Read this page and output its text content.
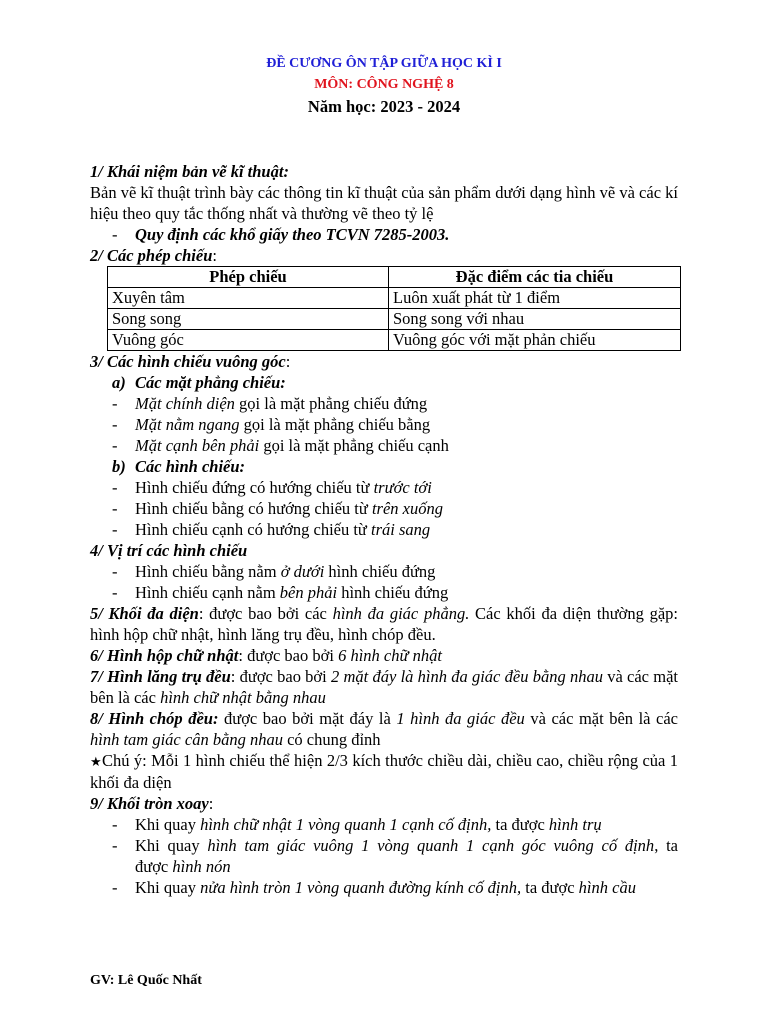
ĐỀ CƯƠNG ÔN TẬP GIỮA HỌC KÌ I
MÔN: CÔNG NGHỆ 8
Năm học: 2023 - 2024

1/ Khái niệm bản vẽ kĩ thuật:

Bản vẽ kĩ thuật trình bày các thông tin kĩ thuật của sản phẩm dưới dạng hình vẽ và các kí hiệu theo quy tắc thống nhất và thường vẽ theo tỷ lệ

- Quy định các khổ giấy theo TCVN 7285-2003.

2/ Các phép chiếu:

Phép chiếu	Đặc điểm các tia chiếu
Xuyên tâm	Luôn xuất phát từ 1 điểm
Song song	Song song với nhau
Vuông góc	Vuông góc với mặt phản chiếu

3/ Các hình chiếu vuông góc:

a) Các mặt phẳng chiếu:

- Mặt chính diện gọi là mặt phẳng chiếu đứng

- Mặt nằm ngang gọi là mặt phẳng chiếu bằng

- Mặt cạnh bên phải gọi là mặt phẳng chiếu cạnh

b) Các hình chiếu:

- Hình chiếu đứng có hướng chiếu từ trước tới

- Hình chiếu bằng có hướng chiếu từ trên xuống

- Hình chiếu cạnh có hướng chiếu từ trái sang

4/ Vị trí các hình chiếu

- Hình chiếu bằng nằm ở dưới hình chiếu đứng

- Hình chiếu cạnh nằm bên phải hình chiếu đứng

5/ Khối đa diện: được bao bởi các hình đa giác phẳng. Các khối đa diện thường gặp: hình hộp chữ nhật, hình lăng trụ đều, hình chóp đều.

6/ Hình hộp chữ nhật: được bao bởi 6 hình chữ nhật

7/ Hình lăng trụ đều: được bao bởi 2 mặt đáy là hình đa giác đều bằng nhau và các mặt bên là các hình chữ nhật bằng nhau

8/ Hình chóp đều: được bao bởi mặt đáy là 1 hình đa giác đều và các mặt bên là các hình tam giác cân bằng nhau có chung đỉnh

★Chú ý: Mỗi 1 hình chiếu thể hiện 2/3 kích thước chiều dài, chiều cao, chiều rộng của 1 khối đa diện

9/ Khối tròn xoay:

- Khi quay hình chữ nhật 1 vòng quanh 1 cạnh cố định, ta được hình trụ

- Khi quay hình tam giác vuông 1 vòng quanh 1 cạnh góc vuông cố định, ta

được hình nón

- Khi quay nửa hình tròn 1 vòng quanh đường kính cố định, ta được hình cầu

GV: Lê Quốc Nhất
